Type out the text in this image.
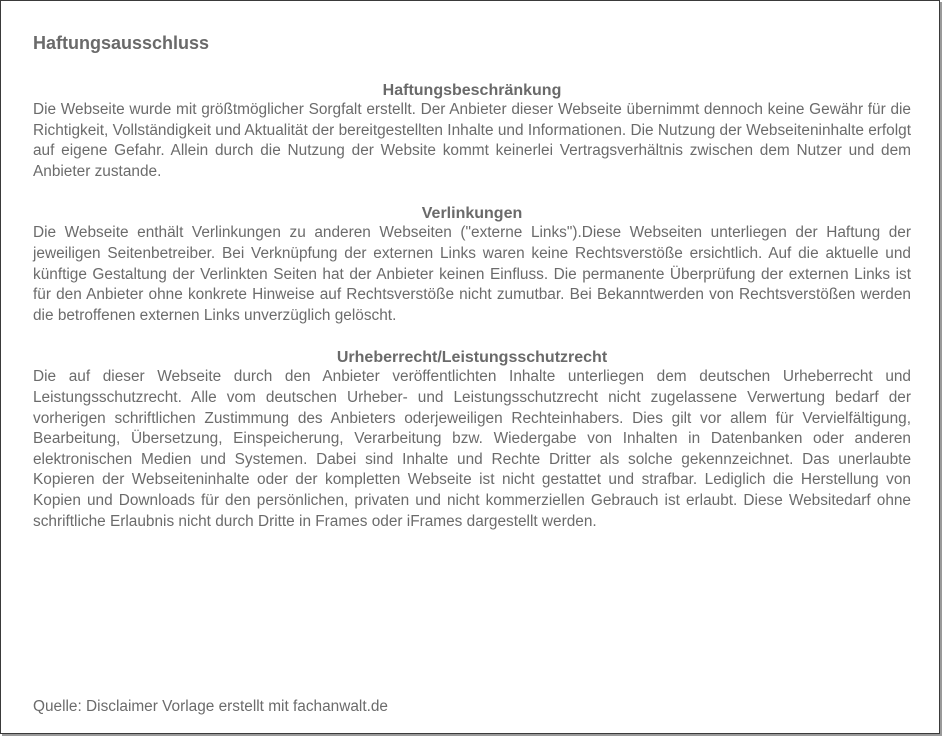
Haftungsausschluss
Haftungsbeschränkung

Die Webseite wurde mit größtmöglicher Sorgfalt erstellt. Der Anbieter dieser Webseite übernimmt dennoch keine Gewähr für die Richtigkeit, Vollständigkeit und Aktualität der bereitgestellten Inhalte und Informationen. Die Nutzung der Webseiteninhalte erfolgt auf eigene Gefahr. Allein durch die Nutzung der Website kommt keinerlei Vertragsverhältnis zwischen dem Nutzer und dem Anbieter zustande.

Verlinkungen

Die Webseite enthält Verlinkungen zu anderen Webseiten ("externe Links").Diese Webseiten unterliegen der Haftung der jeweiligen Seitenbetreiber. Bei Verknüpfung der externen Links waren keine Rechtsverstöße ersichtlich. Auf die aktuelle und künftige Gestaltung der Verlinkten Seiten hat der Anbieter keinen Einfluss. Die permanente Überprüfung der externen Links ist für den Anbieter ohne konkrete Hinweise auf Rechtsverstöße nicht zumutbar. Bei Bekanntwerden von Rechtsverstößen werden die betroffenen externen Links unverzüglich gelöscht.

Urheberrecht/Leistungsschutzrecht

Die auf dieser Webseite durch den Anbieter veröffentlichten Inhalte unterliegen dem deutschen Urheberrecht und Leistungsschutzrecht. Alle vom deutschen Urheber- und Leistungsschutzrecht nicht zugelassene Verwertung bedarf der vorherigen schriftlichen Zustimmung des Anbieters oderjeweiligen Rechteinhabers. Dies gilt vor allem für Vervielfältigung, Bearbeitung, Übersetzung, Einspeicherung, Verarbeitung bzw. Wiedergabe von Inhalten in Datenbanken oder anderen elektronischen Medien und Systemen. Dabei sind Inhalte und Rechte Dritter als solche gekennzeichnet. Das unerlaubte Kopieren der Webseiteninhalte oder der kompletten Webseite ist nicht gestattet und strafbar. Lediglich die Herstellung von Kopien und Downloads für den persönlichen, privaten und nicht kommerziellen Gebrauch ist erlaubt. Diese Websitedarf ohne schriftliche Erlaubnis nicht durch Dritte in Frames oder iFrames dargestellt werden.

Quelle: Disclaimer Vorlage erstellt mit fachanwalt.de
